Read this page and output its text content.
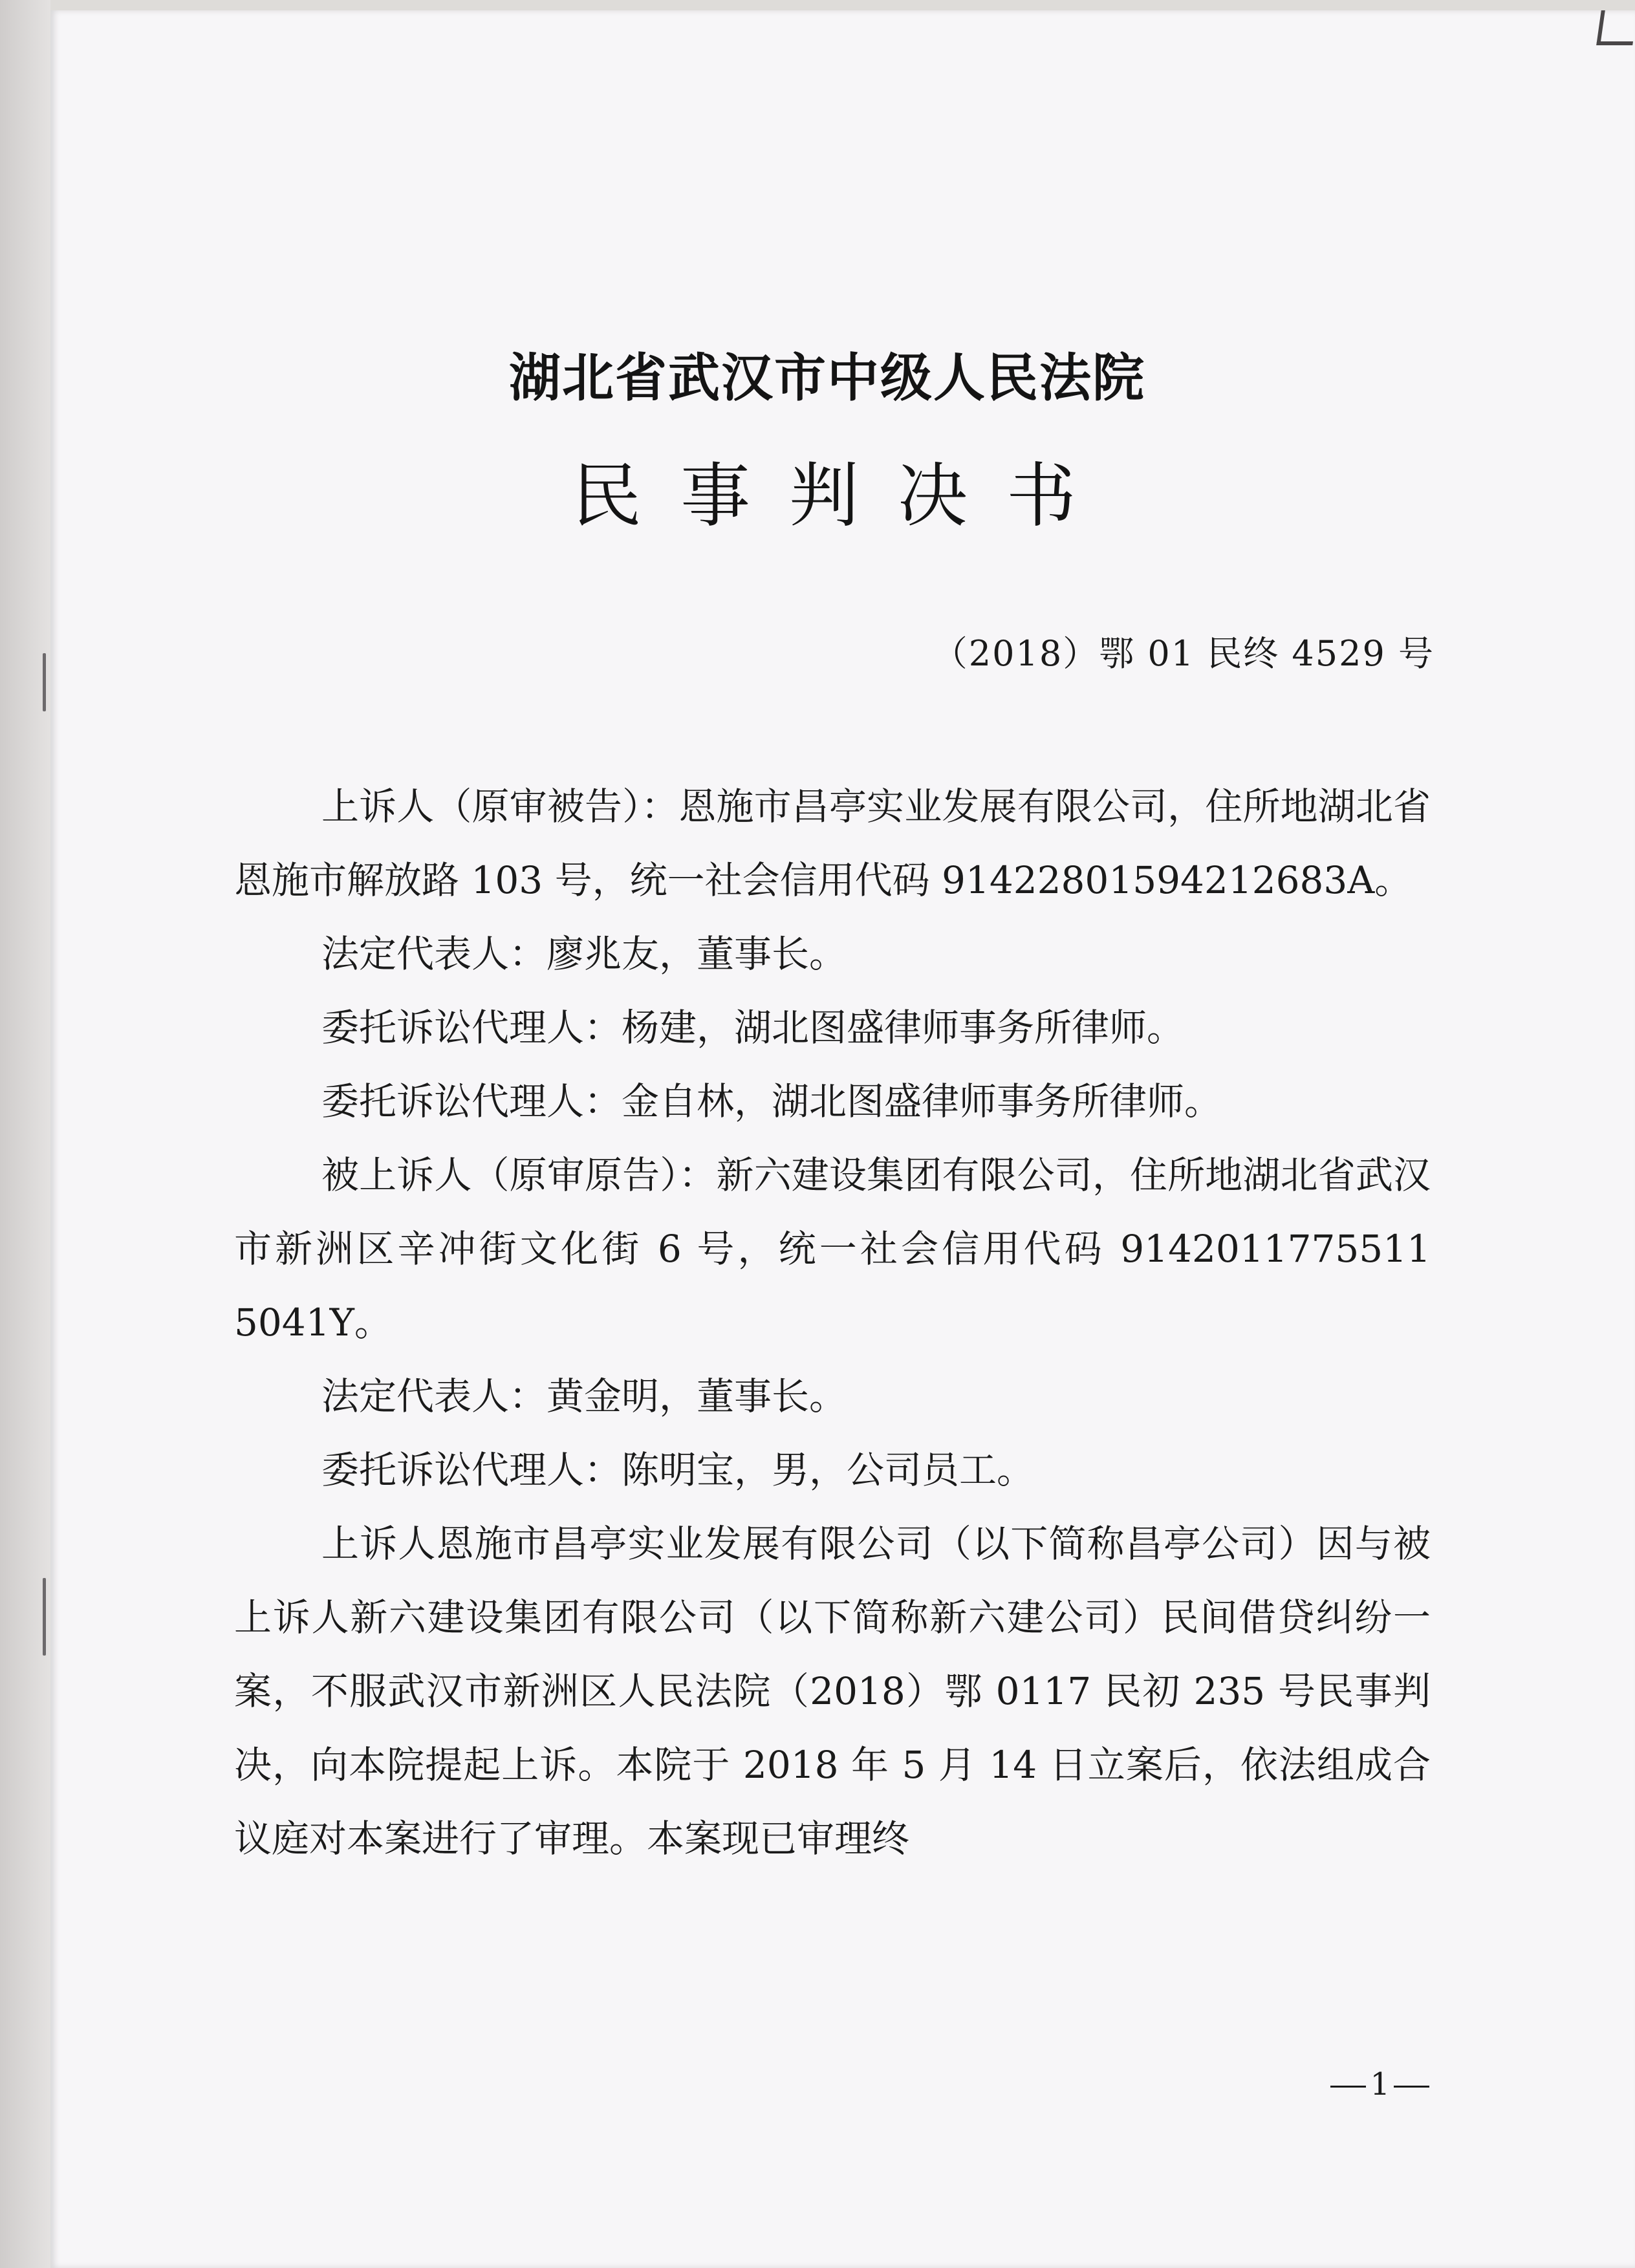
湖北省武汉市中级人民法院
民事判决书
（2018）鄂 01 民终 4529 号

上诉人（原审被告）：恩施市昌亭实业发展有限公司，住所地湖北省恩施市解放路 103 号，统一社会信用代码 91422801594212683A。

法定代表人：廖兆友，董事长。

委托诉讼代理人：杨建，湖北图盛律师事务所律师。

委托诉讼代理人：金自林，湖北图盛律师事务所律师。

被上诉人（原审原告）：新六建设集团有限公司，住所地湖北省武汉市新洲区辛冲街文化街 6 号，统一社会信用代码 9142011775511 5041Y。

法定代表人：黄金明，董事长。

委托诉讼代理人：陈明宝，男，公司员工。

上诉人恩施市昌亭实业发展有限公司（以下简称昌亭公司）因与被上诉人新六建设集团有限公司（以下简称新六建公司）民间借贷纠纷一案，不服武汉市新洲区人民法院（2018）鄂 0117 民初 235 号民事判决，向本院提起上诉。本院于 2018 年 5 月 14 日立案后，依法组成合议庭对本案进行了审理。本案现已审理终

1
